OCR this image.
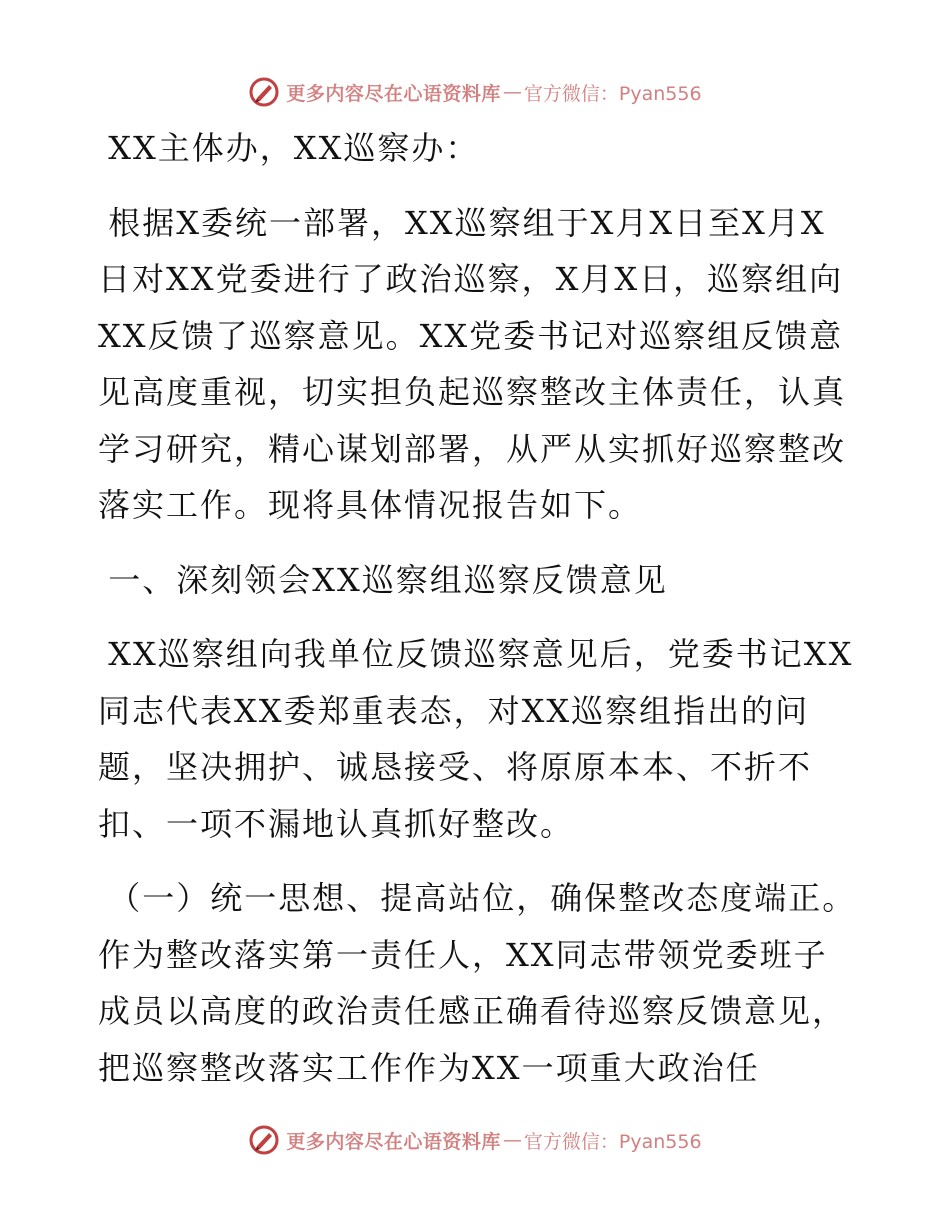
更多内容尽在心语资料库 — 官方微信：Pyan556

XX主体办，XX巡察办：

根据X委统一部署，XX巡察组于X月X日至X月X日对XX党委进行了政治巡察，X月X日，巡察组向XX反馈了巡察意见。XX党委书记对巡察组反馈意见高度重视，切实担负起巡察整改主体责任，认真学习研究，精心谋划部署，从严从实抓好巡察整改落实工作。现将具体情况报告如下。

一、深刻领会XX巡察组巡察反馈意见

XX巡察组向我单位反馈巡察意见后，党委书记XX同志代表XX委郑重表态，对XX巡察组指出的问题，坚决拥护、诚恳接受、将原原本本、不折不扣、一项不漏地认真抓好整改。

（一）统一思想、提高站位，确保整改态度端正。作为整改落实第一责任人，XX同志带领党委班子成员以高度的政治责任感正确看待巡察反馈意见，把巡察整改落实工作作为XX一项重大政治任

更多内容尽在心语资料库 — 官方微信：Pyan556
